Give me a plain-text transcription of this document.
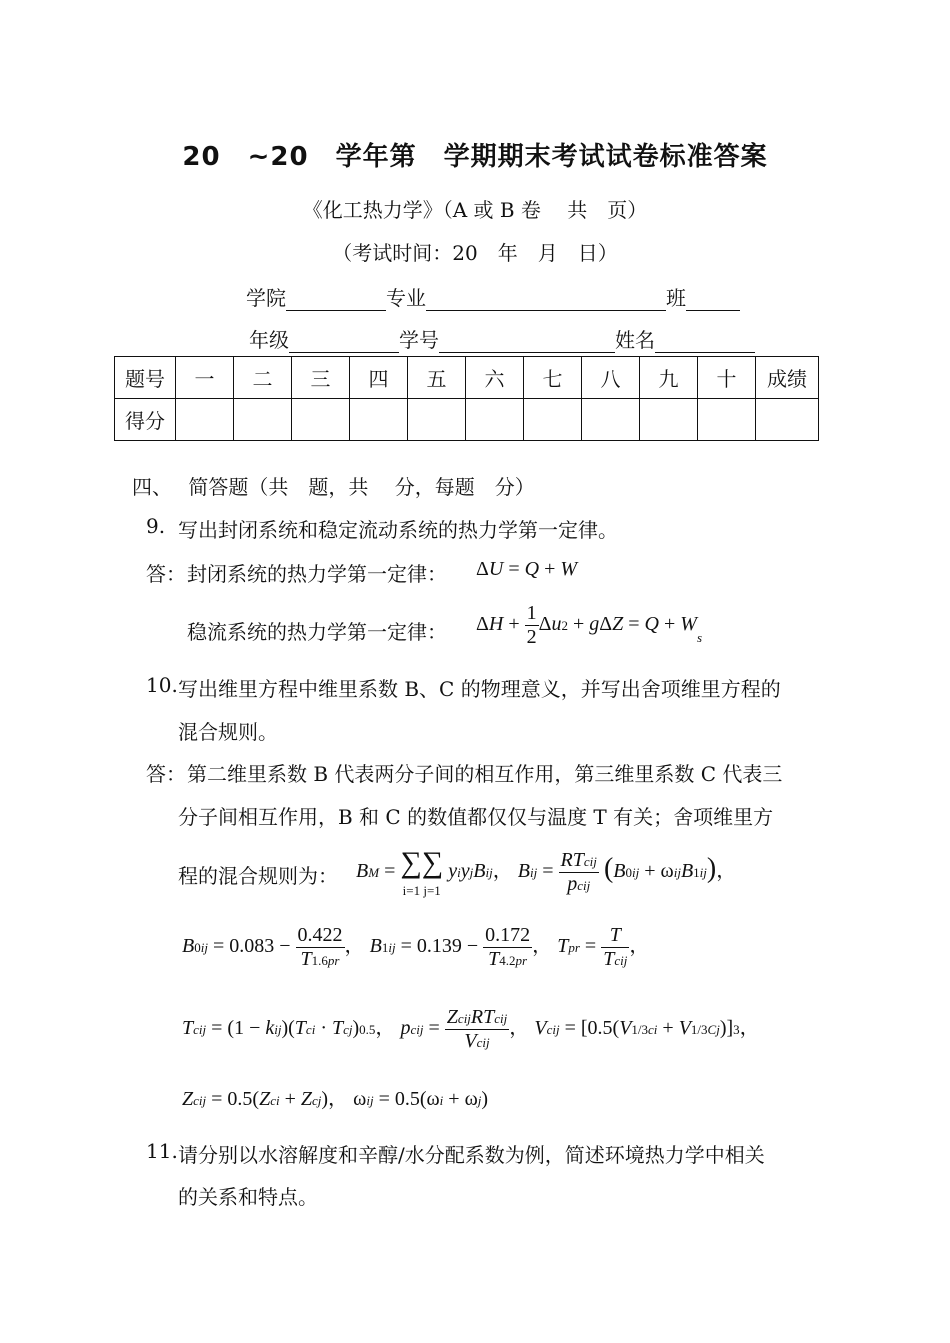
20　~20　学年第　学期期末考试试卷标准答案
《化工热力学》（A 或 B 卷　 共　页）
（考试时间：20　年　月　日）
学院	专业	班
年级	学号	姓名
题号	一	二	三	四	五	六	七	八	九	十	成绩
得分											
四、　 简答题（共　题，共　 分，每题　分）
9. 写出封闭系统和稳定流动系统的热力学第一定律。
答： 封闭系统的热力学第一定律： ΔU = Q + W
稳流系统的热力学第一定律： $\Delta H + \frac{1}{2} \Delta u2 + g\Delta Z = Q + W_s$
10. 写出维里方程中维里系数 B、C 的物理意义，并写出舍项维里方程的
混合规则。
答： 第二维里系数 B 代表两分子间的相互作用，第三维里系数 C 代表三
分子间相互作用，B 和 C 的数值都仅仅与温度 T 有关；舍项维里方
程的混合规则为： BM = ∑∑
i=1 j=1 yiyjBij， Bij = $\frac{\text{RTcij}}{\text{pcij}} (B0ij + \omega ijB1ij)$，
$B0ij = 0.083 - \frac{0.422}{T1.6pr}$ ， $B1ij = 0.139 - \frac{0.172}{T4.2pr}$ ， Tpr = $\frac{T}{\text{Tcij}}$ ，
Tcij = (1 − kij)(Tci · Tcj)0.5， pcij = $\frac{\text{ZcijRTcij}}{\text{Vcij}}$ ， Vcij = [0.5(V1/3ci + V1/3Cj)]3，
Zcij = 0.5(Zci + Zcj)， ωij = 0.5(ωi + ωj)
11. 请分别以水溶解度和辛醇/水分配系数为例，简述环境热力学中相关
的关系和特点。
